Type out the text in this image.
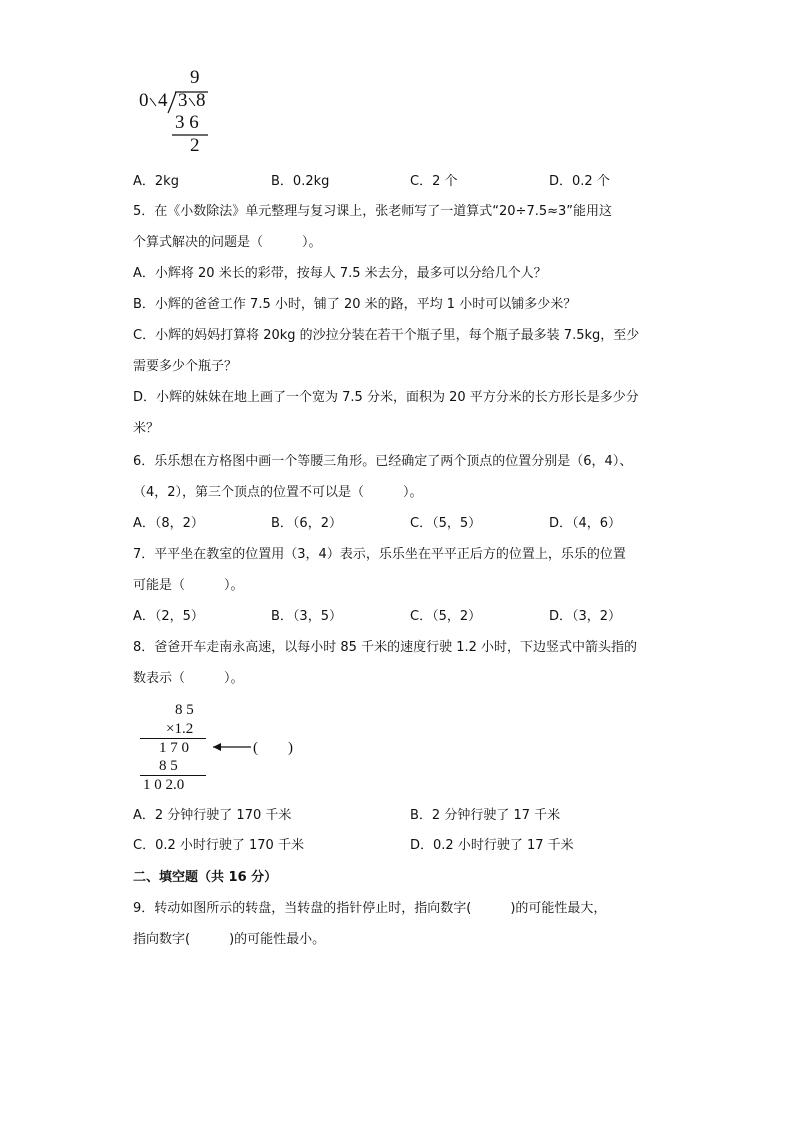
9
0 4 3 8
3 6
2
A．2kg	B．0.2kg	C．2 个	D．0.2 个
5．在《小数除法》单元整理与复习课上，张老师写了一道算式“20÷7.5≈3”能用这
个算式解决的问题是（　　　）。
A．小辉将 20 米长的彩带，按每人 7.5 米去分，最多可以分给几个人？
B．小辉的爸爸工作 7.5 小时，铺了 20 米的路，平均 1 小时可以铺多少米？
C．小辉的妈妈打算将 20kg 的沙拉分装在若干个瓶子里，每个瓶子最多装 7.5kg，至少
需要多少个瓶子？
D．小辉的妹妹在地上画了一个宽为 7.5 分米，面积为 20 平方分米的长方形长是多少分
米？
6．乐乐想在方格图中画一个等腰三角形。已经确定了两个顶点的位置分别是（6，4）、
（4，2），第三个顶点的位置不可以是（　　　）。
A．（8，2）	B．（6，2）	C．（5，5）	D．（4，6）
7．平平坐在教室的位置用（3，4）表示，乐乐坐在平平正后方的位置上，乐乐的位置
可能是（　　　）。
A．（2，5）	B．（3，5）	C．（5，2）	D．（3，2）
8．爸爸开车走南永高速，以每小时 85 千米的速度行驶 1.2 小时，下边竖式中箭头指的
数表示（　　　）。
8 5
×1.2
1 7 0	(　　)
8 5
1 0 2.0
A．2 分钟行驶了 170 千米	B．2 分钟行驶了 17 千米
C．0.2 小时行驶了 170 千米	D．0.2 小时行驶了 17 千米
二、填空题（共 16 分）
9．转动如图所示的转盘，当转盘的指针停止时，指向数字(　　　)的可能性最大，
指向数字(　　　)的可能性最小。
